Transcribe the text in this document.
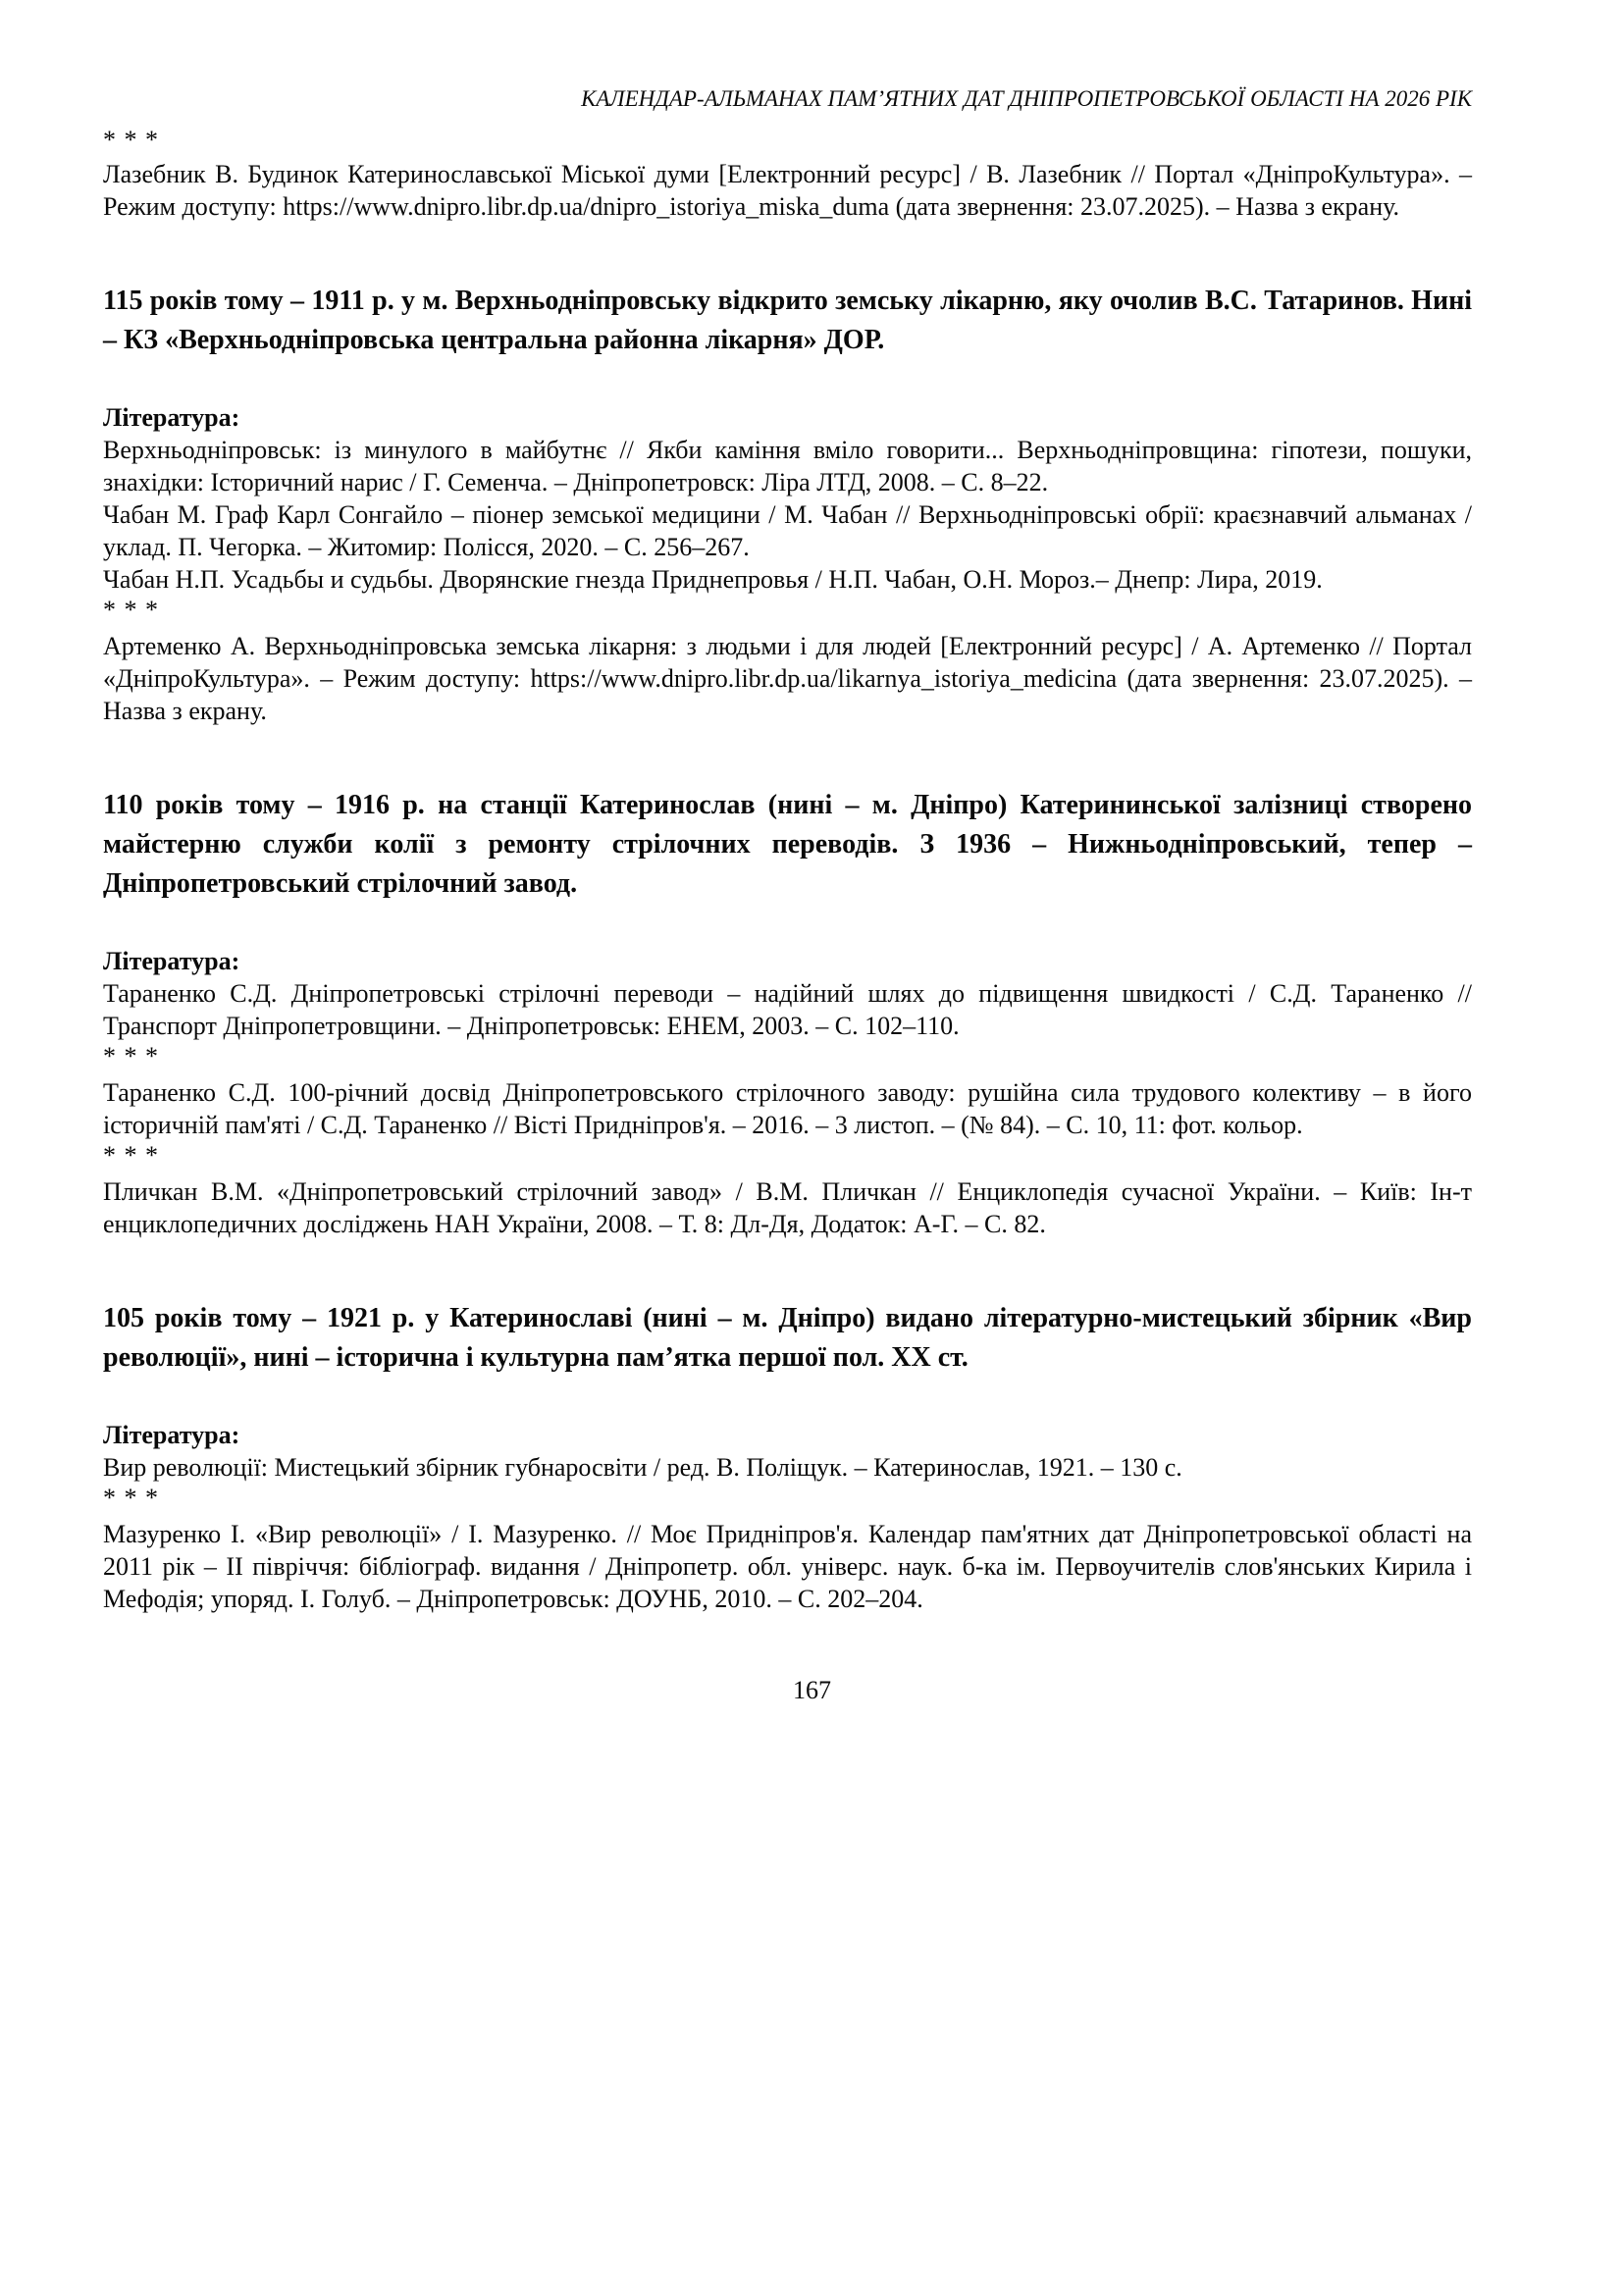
КАЛЕНДАР-АЛЬМАНАХ ПАМ’ЯТНИХ ДАТ ДНІПРОПЕТРОВСЬКОЇ ОБЛАСТІ НА 2026 РІК
* * *

Лазебник В. Будинок Катеринославської Міської думи [Електронний ресурс] / В. Лазебник // Портал «ДніпроКультура». – Режим доступу: https://www.dnipro.libr.dp.ua/dnipro_istoriya_miska_duma (дата звернення: 23.07.2025). – Назва з екрану.

115 років тому – 1911 р. у м. Верхньодніпровську відкрито земську лікарню, яку очолив В.С. Татаринов. Нині – КЗ «Верхньодніпровська центральна районна лікарня» ДОР.

Література:

Верхньодніпровськ: із минулого в майбутнє // Якби каміння вміло говорити... Верхньодніпровщина: гіпотези, пошуки, знахідки: Історичний нарис / Г. Семенча. – Дніпропетровск: Ліра ЛТД, 2008. – С. 8–22.

Чабан М. Граф Карл Сонгайло – піонер земської медицини / М. Чабан // Верхньодніпровські обрії: краєзнавчий альманах / уклад. П. Чегорка. – Житомир: Полісся, 2020. – С. 256–267.

Чабан Н.П. Усадьбы и судьбы. Дворянские гнезда Приднепровья / Н.П. Чабан, О.Н. Мороз.– Днепр: Лира, 2019.

* * *

Артеменко А. Верхньодніпровська земська лікарня: з людьми і для людей [Електронний ресурс] / А. Артеменко // Портал «ДніпроКультура». – Режим доступу: https://www.dnipro.libr.dp.ua/likarnya_istoriya_medicina (дата звернення: 23.07.2025). – Назва з екрану.

110 років тому – 1916 р. на станції Катеринослав (нині – м. Дніпро) Катерининської залізниці створено майстерню служби колії з ремонту стрілочних переводів. З 1936 – Нижньодніпровський, тепер – Дніпропетровський стрілочний завод.

Література:

Тараненко С.Д. Дніпропетровські стрілочні переводи – надійний шлях до підвищення швидкості / С.Д. Тараненко // Транспорт Дніпропетровщини. – Дніпропетровськ: ЕНЕМ, 2003. – С. 102–110.

* * *

Тараненко С.Д. 100-річний досвід Дніпропетровського стрілочного заводу: рушійна сила трудового колективу – в його історичній пам'яті / С.Д. Тараненко // Вісті Придніпров'я. – 2016. – 3 листоп. – (№ 84). – С. 10, 11: фот. кольор.

* * *

Пличкан В.М. «Дніпропетровський стрілочний завод» / В.М. Пличкан // Енциклопедія сучасної України. – Київ: Ін-т енциклопедичних досліджень НАН України, 2008. – Т. 8: Дл-Дя, Додаток: А-Г. – С. 82.

105 років тому – 1921 р. у Катеринославі (нині – м. Дніпро) видано літературно-мистецький збірник «Вир революції», нині – історична і культурна пам’ятка першої пол. XX ст.

Література:

Вир революції: Мистецький збірник губнаросвіти / ред. В. Поліщук. – Катеринослав, 1921. – 130 с.

* * *

Мазуренко І. «Вир революції» / І. Мазуренко. // Моє Придніпров'я. Календар пам'ятних дат Дніпропетровської області на 2011 рік – ІІ півріччя: бібліограф. видання / Дніпропетр. обл. універс. наук. б-ка ім. Первоучителів слов'янських Кирила і Мефодія; упоряд. І. Голуб. – Дніпропетровськ: ДОУНБ, 2010. – С. 202–204.

167
